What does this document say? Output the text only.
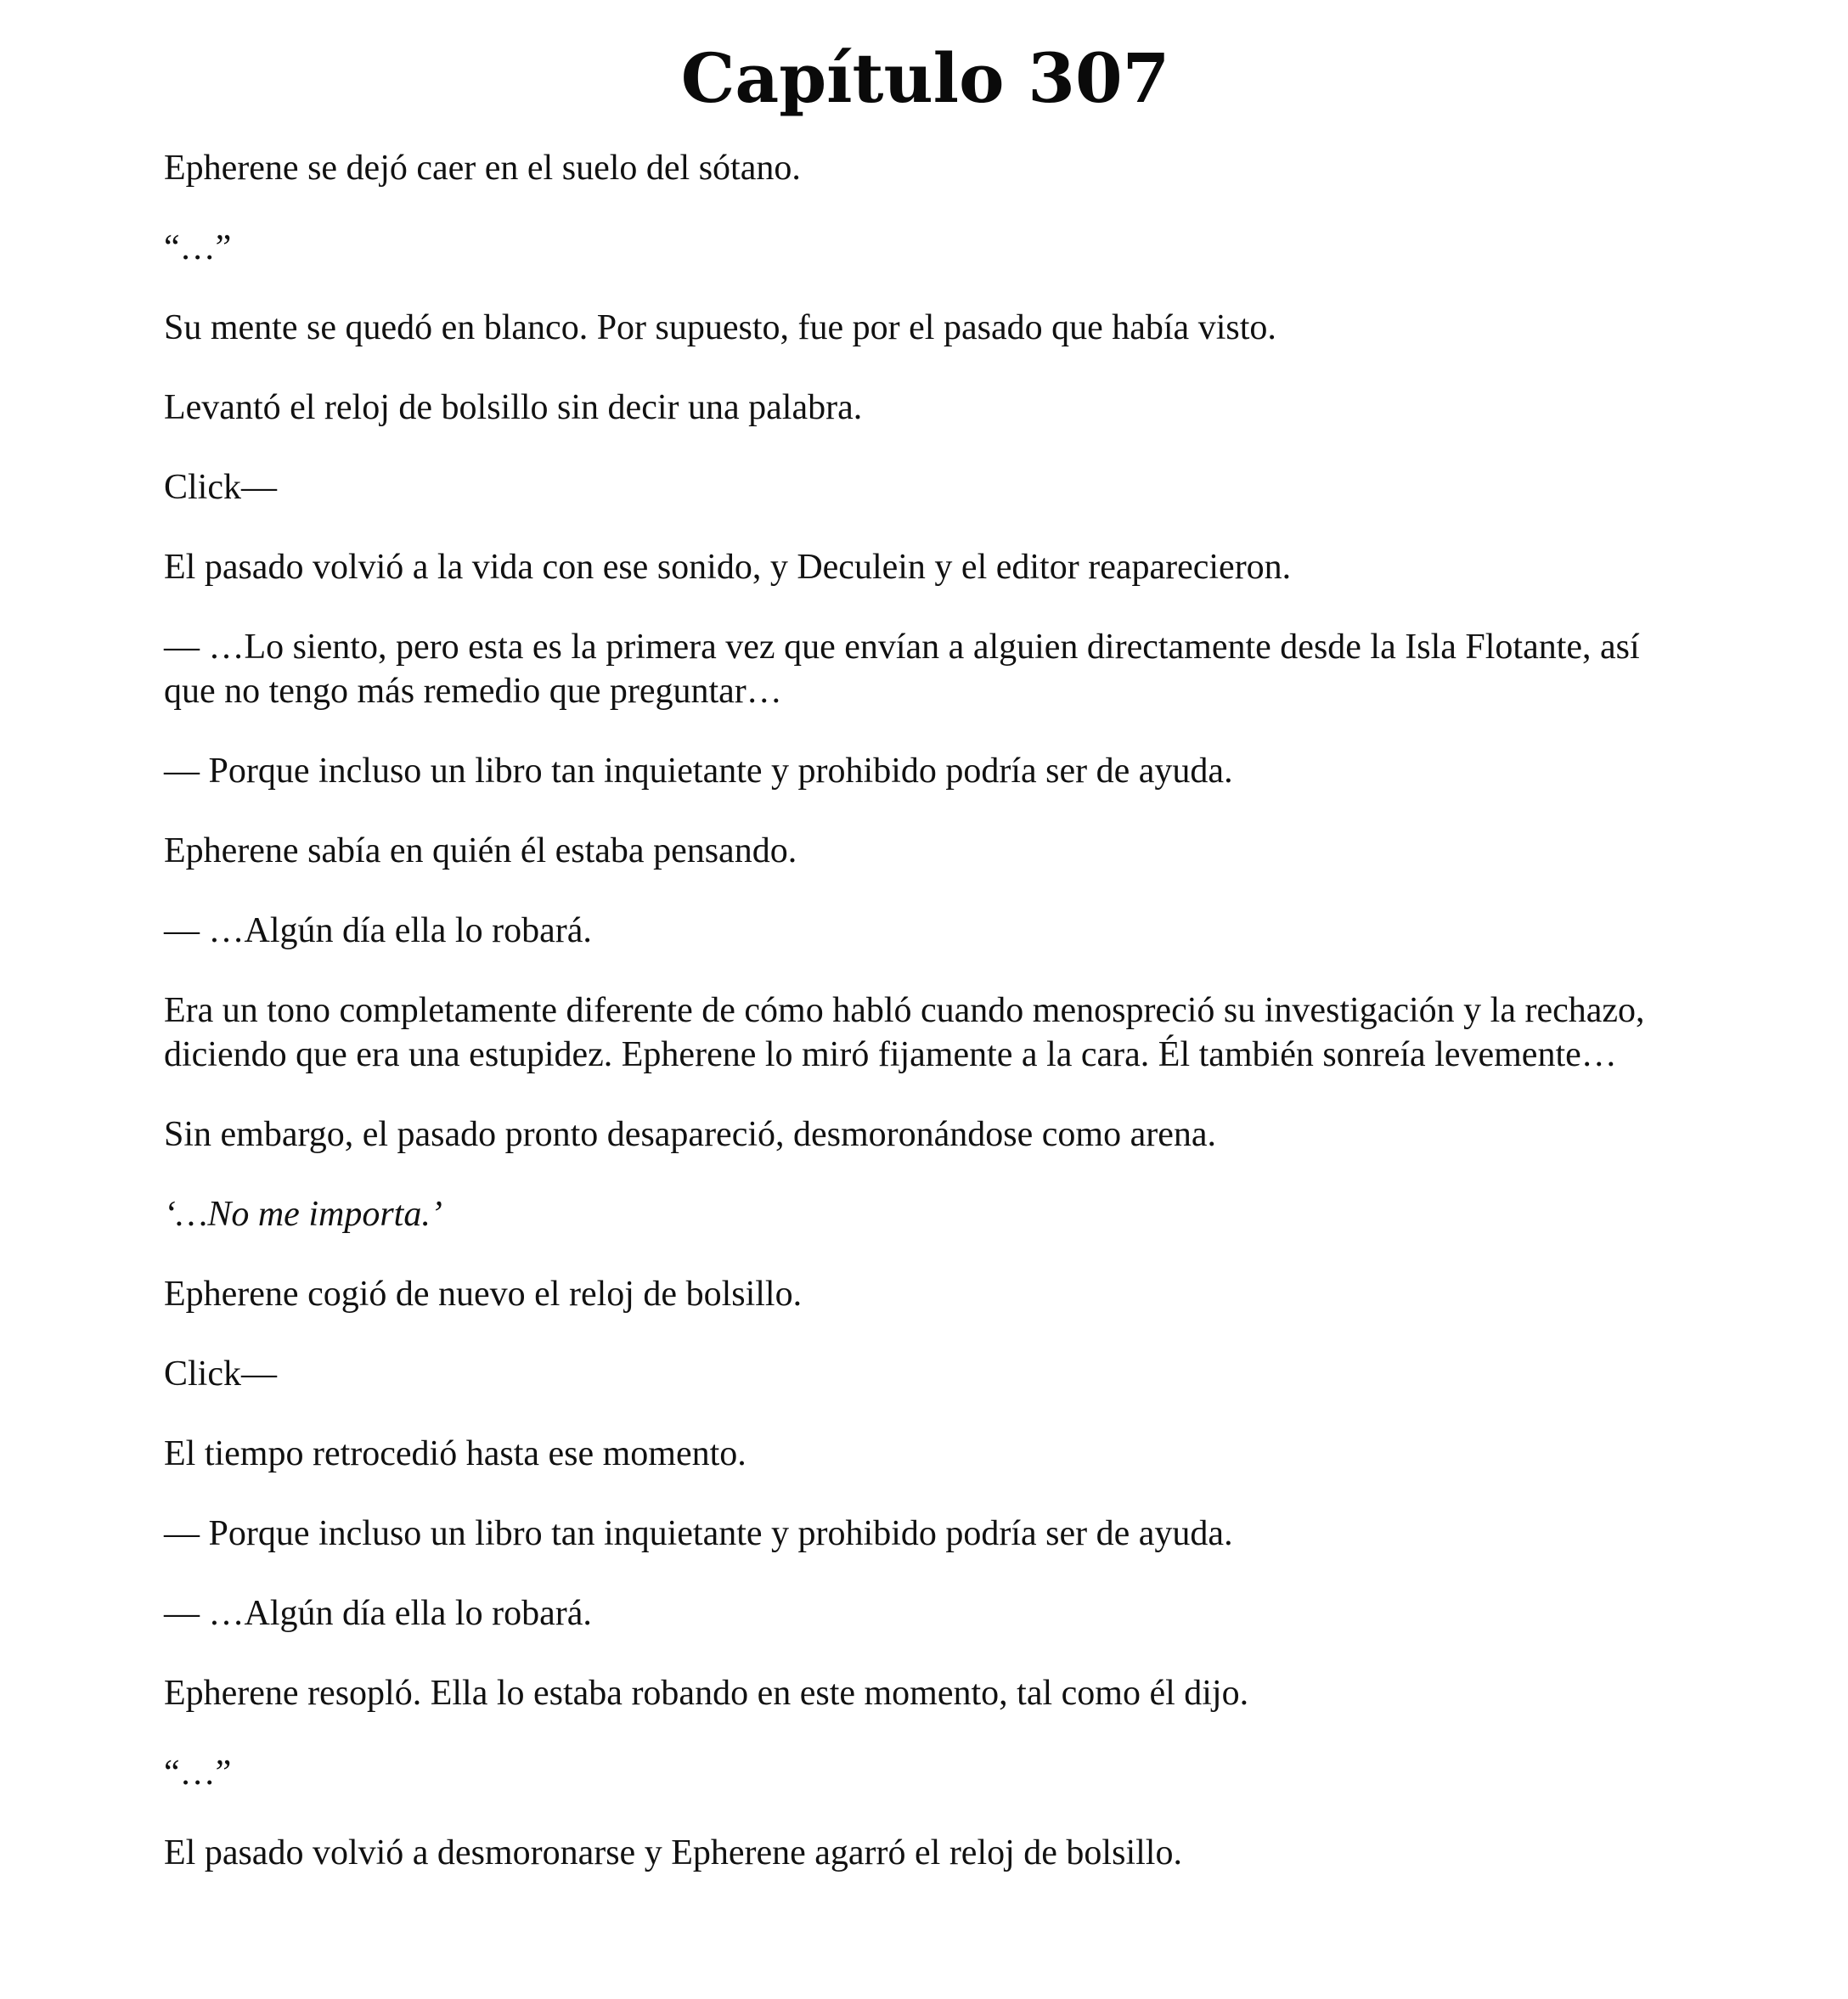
Capítulo 307

Epherene se dejó caer en el suelo del sótano.

“…”

Su mente se quedó en blanco. Por supuesto, fue por el pasado que había visto.

Levantó el reloj de bolsillo sin decir una palabra.

Click—

El pasado volvió a la vida con ese sonido, y Deculein y el editor reaparecieron.

— …Lo siento, pero esta es la primera vez que envían a alguien directamente desde la Isla Flotante, así que no tengo más remedio que preguntar…

— Porque incluso un libro tan inquietante y prohibido podría ser de ayuda.

Epherene sabía en quién él estaba pensando.

— …Algún día ella lo robará.

Era un tono completamente diferente de cómo habló cuando menospreció su investigación y la rechazo, diciendo que era una estupidez. Epherene lo miró fijamente a la cara. Él también sonreía levemente…

Sin embargo, el pasado pronto desapareció, desmoronándose como arena.

‘…No me importa.’

Epherene cogió de nuevo el reloj de bolsillo.

Click—

El tiempo retrocedió hasta ese momento.

— Porque incluso un libro tan inquietante y prohibido podría ser de ayuda.

— …Algún día ella lo robará.

Epherene resopló. Ella lo estaba robando en este momento, tal como él dijo.

“…”

El pasado volvió a desmoronarse y Epherene agarró el reloj de bolsillo.
